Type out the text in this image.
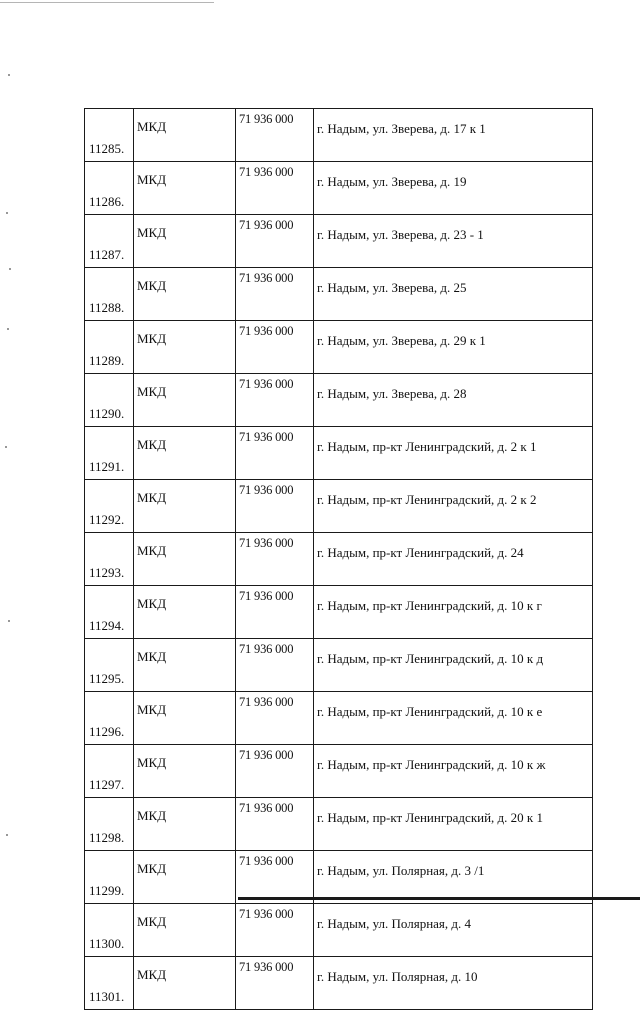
11285.	МКД	71 936 000	г. Надым, ул. Зверева, д. 17 к 1
11286.	МКД	71 936 000	г. Надым, ул. Зверева, д. 19
11287.	МКД	71 936 000	г. Надым, ул. Зверева, д. 23 - 1
11288.	МКД	71 936 000	г. Надым, ул. Зверева, д. 25
11289.	МКД	71 936 000	г. Надым, ул. Зверева, д. 29 к 1
11290.	МКД	71 936 000	г. Надым, ул. Зверева, д. 28
11291.	МКД	71 936 000	г. Надым, пр-кт Ленинградский, д. 2 к 1
11292.	МКД	71 936 000	г. Надым, пр-кт Ленинградский, д. 2 к 2
11293.	МКД	71 936 000	г. Надым, пр-кт Ленинградский, д. 24
11294.	МКД	71 936 000	г. Надым, пр-кт Ленинградский, д. 10 к г
11295.	МКД	71 936 000	г. Надым, пр-кт Ленинградский, д. 10 к д
11296.	МКД	71 936 000	г. Надым, пр-кт Ленинградский, д. 10 к е
11297.	МКД	71 936 000	г. Надым, пр-кт Ленинградский, д. 10 к ж
11298.	МКД	71 936 000	г. Надым, пр-кт Ленинградский, д. 20 к 1
11299.	МКД	71 936 000	г. Надым, ул. Полярная, д. 3 /1
11300.	МКД	71 936 000	г. Надым, ул. Полярная, д. 4
11301.	МКД	71 936 000	г. Надым, ул. Полярная, д. 10
